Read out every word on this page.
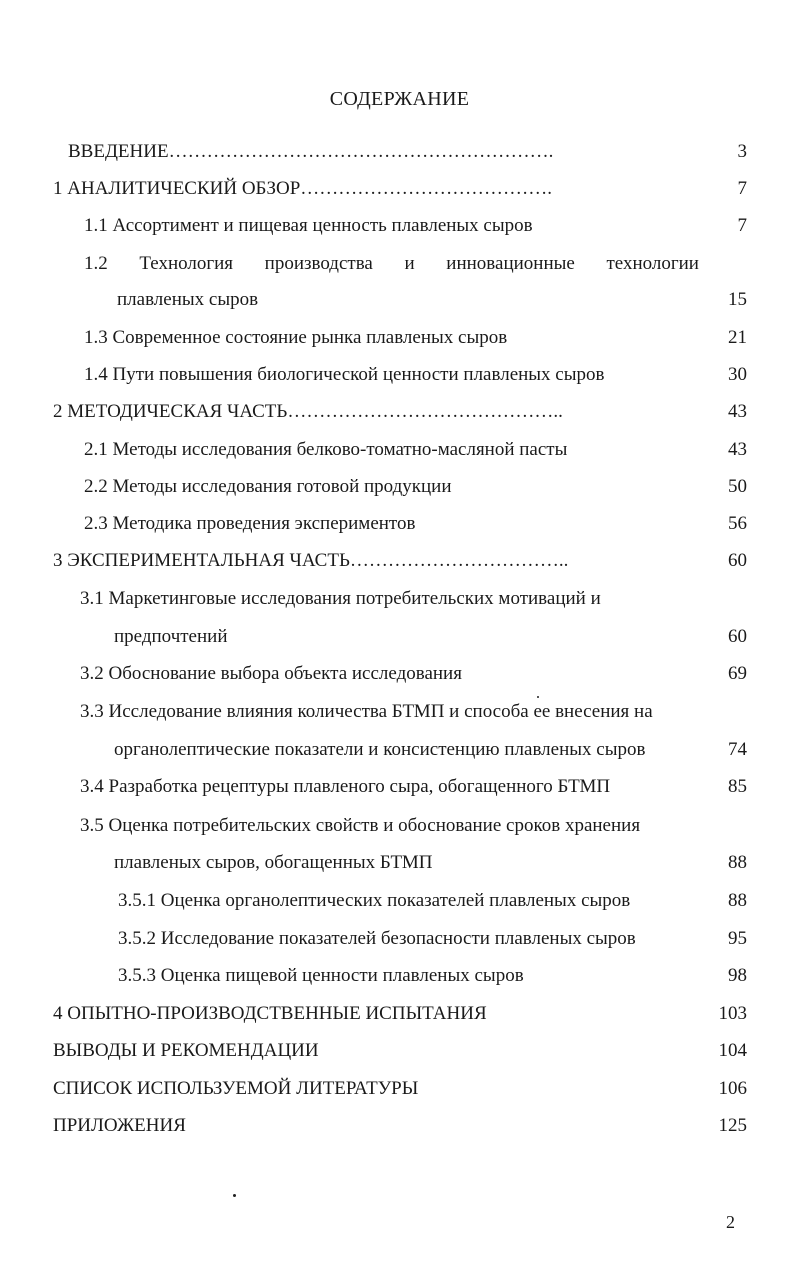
СОДЕРЖАНИЕ
ВВЕДЕНИЕ…………………………………………………….	3
1 АНАЛИТИЧЕСКИЙ ОБЗОР………………………………….	7
1.1 Ассортимент и пищевая ценность плавленых сыров	7
1.2 Технология производства и инновационные технологии
плавленых сыров	15
1.3 Современное состояние рынка плавленых сыров	21
1.4 Пути повышения биологической ценности плавленых сыров	30
2 МЕТОДИЧЕСКАЯ ЧАСТЬ……………………………………..	43
2.1 Методы исследования белково-томатно-масляной пасты	43
2.2 Методы исследования готовой продукции	50
2.3 Методика проведения экспериментов	56
3 ЭКСПЕРИМЕНТАЛЬНАЯ ЧАСТЬ……………………………..	60
3.1 Маркетинговые исследования потребительских мотиваций и
предпочтений	60
3.2 Обоснование выбора объекта исследования	69
3.3 Исследование влияния количества БТМП и способа ее внесения на
органолептические показатели и консистенцию плавленых сыров	74
3.4 Разработка рецептуры плавленого сыра, обогащенного БТМП	85
3.5 Оценка потребительских свойств и обоснование сроков хранения
плавленых сыров, обогащенных БТМП	88
3.5.1 Оценка органолептических показателей плавленых сыров	88
3.5.2 Исследование показателей безопасности плавленых сыров	95
3.5.3 Оценка пищевой ценности плавленых сыров	98
4 ОПЫТНО-ПРОИЗВОДСТВЕННЫЕ ИСПЫТАНИЯ	103
ВЫВОДЫ И РЕКОМЕНДАЦИИ	104
СПИСОК ИСПОЛЬЗУЕМОЙ ЛИТЕРАТУРЫ	106
ПРИЛОЖЕНИЯ	125
2
